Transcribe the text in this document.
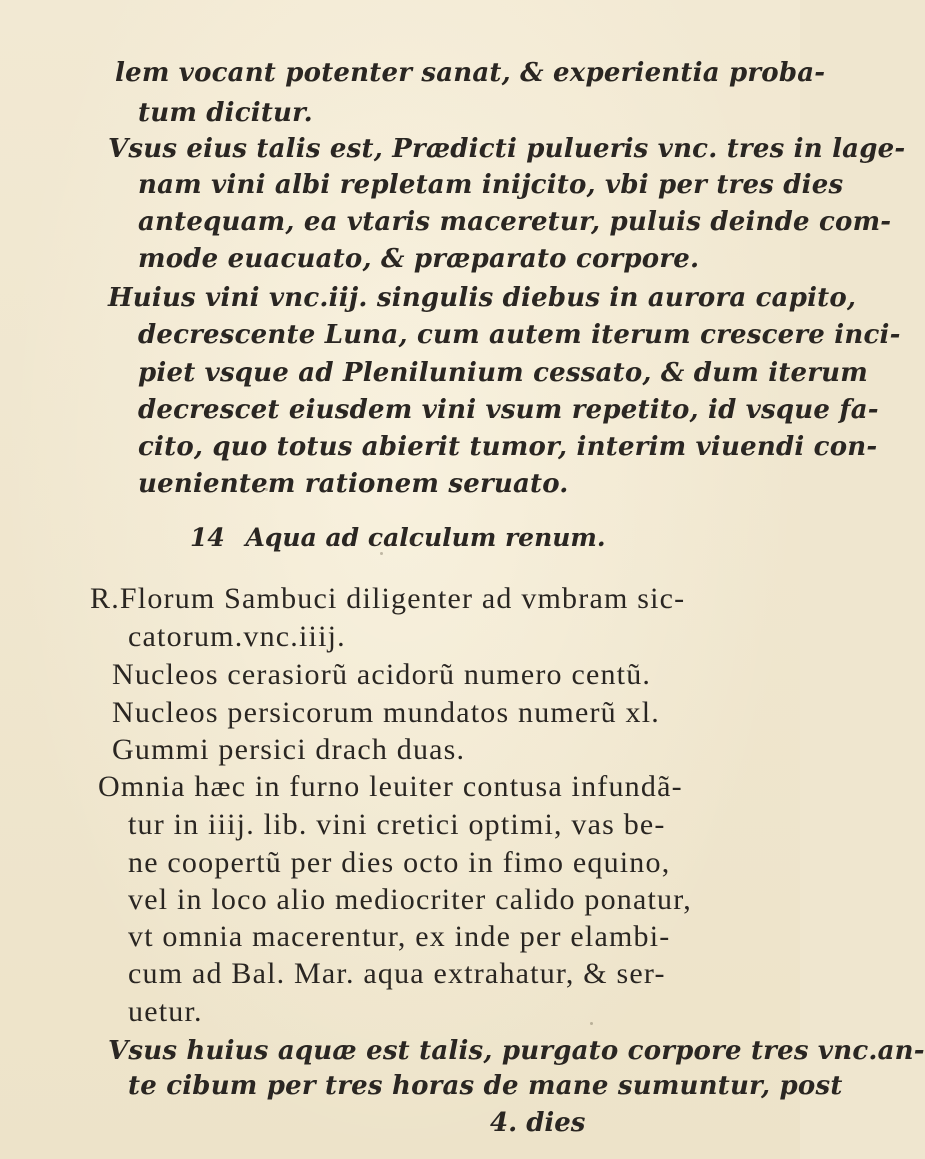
lem vocant potenter sanat, & experientia proba-
tum dicitur.
Vsus eius talis est, Prædicti pulueris vnc. tres in lage-
nam vini albi repletam inijcito, vbi per tres dies
antequam, ea vtaris maceretur, puluis deinde com-
mode euacuato, & præparato corpore.
Huius vini vnc.iij. singulis diebus in aurora capito,
decrescente Luna, cum autem iterum crescere inci-
piet vsque ad Plenilunium cessato, & dum iterum
decrescet eiusdem vini vsum repetito, id vsque fa-
cito, quo totus abierit tumor, interim viuendi con-
uenientem rationem seruato.
14 Aqua ad calculum renum.
R.Florum Sambuci diligenter ad vmbram sic-
catorum.vnc.iiij.
Nucleos cerasiorũ acidorũ numero centũ.
Nucleos persicorum mundatos numerũ xl.
Gummi persici drach duas.
Omnia hæc in furno leuiter contusa infundã-
tur in iiij. lib. vini cretici optimi, vas be-
ne coopertũ per dies octo in fimo equino,
vel in loco alio mediocriter calido ponatur,
vt omnia macerentur, ex inde per elambi-
cum ad Bal. Mar. aqua extrahatur, & ser-
uetur.
Vsus huius aquæ est talis, purgato corpore tres vnc.an-
te cibum per tres horas de mane sumuntur, post
4. dies
